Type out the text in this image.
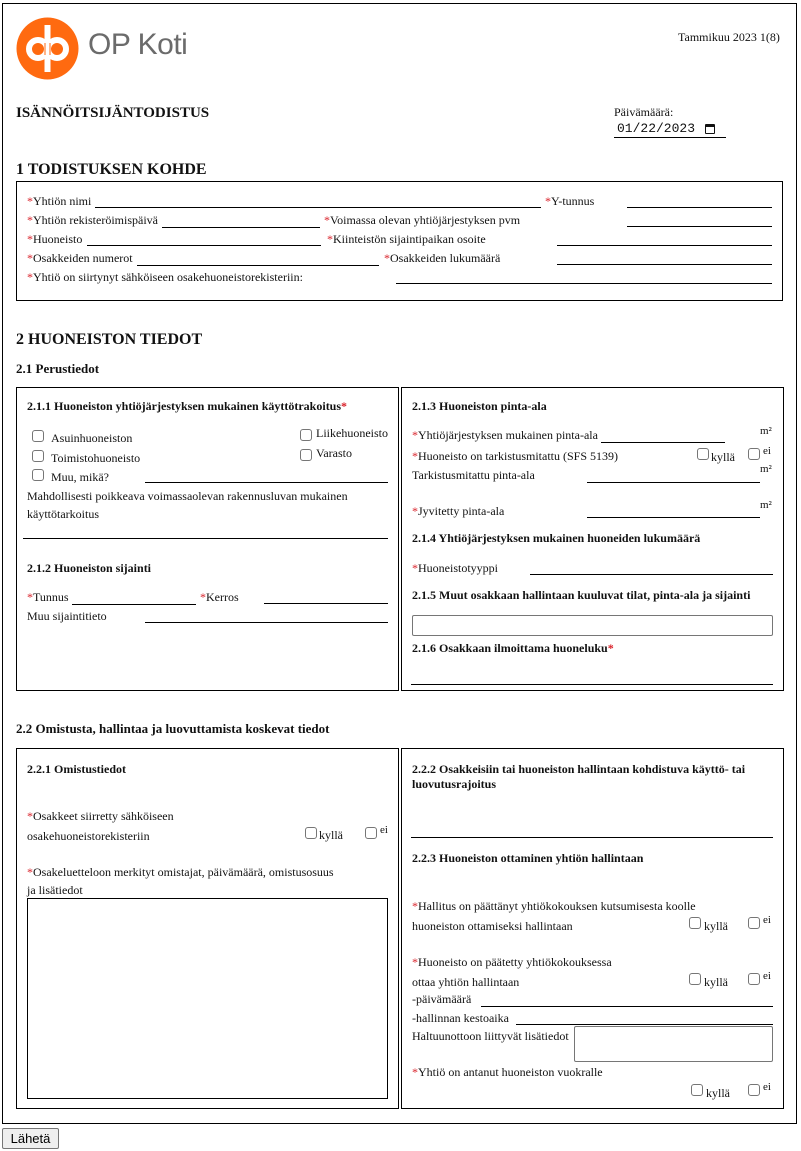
OP Koti	Tammikuu 2023 1(8)
ISÄNNÖITSIJÄNTODISTUS	Päivämäärä:
01/22/2023
1 TODISTUKSEN KOHDE
*Yhtiön nimi	*Y-tunnus
*Yhtiön rekisteröimispäivä	*Voimassa olevan yhtiöjärjestyksen pvm
*Huoneisto	*Kiinteistön sijaintipaikan osoite
*Osakkeiden numerot	*Osakkeiden lukumäärä
*Yhtiö on siirtynyt sähköiseen osakehuoneistorekisteriin:
2 HUONEISTON TIEDOT
2.1 Perustiedot
2.1.1 Huoneiston yhtiöjärjestyksen mukainen käyttötrakoitus*
Asuinhuoneiston
Toimistohuoneisto
Muu, mikä?
Liikehuoneisto
Varasto
Mahdollisesti poikkeava voimassaolevan rakennusluvan mukainen
käyttötarkoitus
2.1.2 Huoneiston sijainti
*Tunnus	*Kerros
Muu sijaintitieto
2.1.3 Huoneiston pinta-ala
*Yhtiöjärjestyksen mukainen pinta-ala	m²
*Huoneisto on tarkistusmitattu (SFS 5139)	kyllä	ei
Tarkistusmitattu pinta-ala	m²
*Jyvitetty pinta-ala	m²
2.1.4 Yhtiöjärjestyksen mukainen huoneiden lukumäärä
*Huoneistotyyppi
2.1.5 Muut osakkaan hallintaan kuuluvat tilat, pinta-ala ja sijainti
2.1.6 Osakkaan ilmoittama huoneluku*
2.2 Omistusta, hallintaa ja luovuttamista koskevat tiedot
2.2.1 Omistustiedot
*Osakkeet siirretty sähköiseen
osakehuoneistorekisteriin	kyllä	ei
*Osakeluetteloon merkityt omistajat, päivämäärä, omistusosuus
ja lisätiedot
2.2.2 Osakkeisiin tai huoneiston hallintaan kohdistuva käyttö- tai
luovutusrajoitus
2.2.3 Huoneiston ottaminen yhtiön hallintaan
*Hallitus on päättänyt yhtiökokouksen kutsumisesta koolle
huoneiston ottamiseksi hallintaan	kyllä	ei
*Huoneisto on päätetty yhtiökokouksessa
ottaa yhtiön hallintaan	kyllä	ei
-päivämäärä
-hallinnan kestoaika
Haltuunottoon liittyvät lisätiedot
*Yhtiö on antanut huoneiston vuokralle
kyllä	ei
Lähetä
